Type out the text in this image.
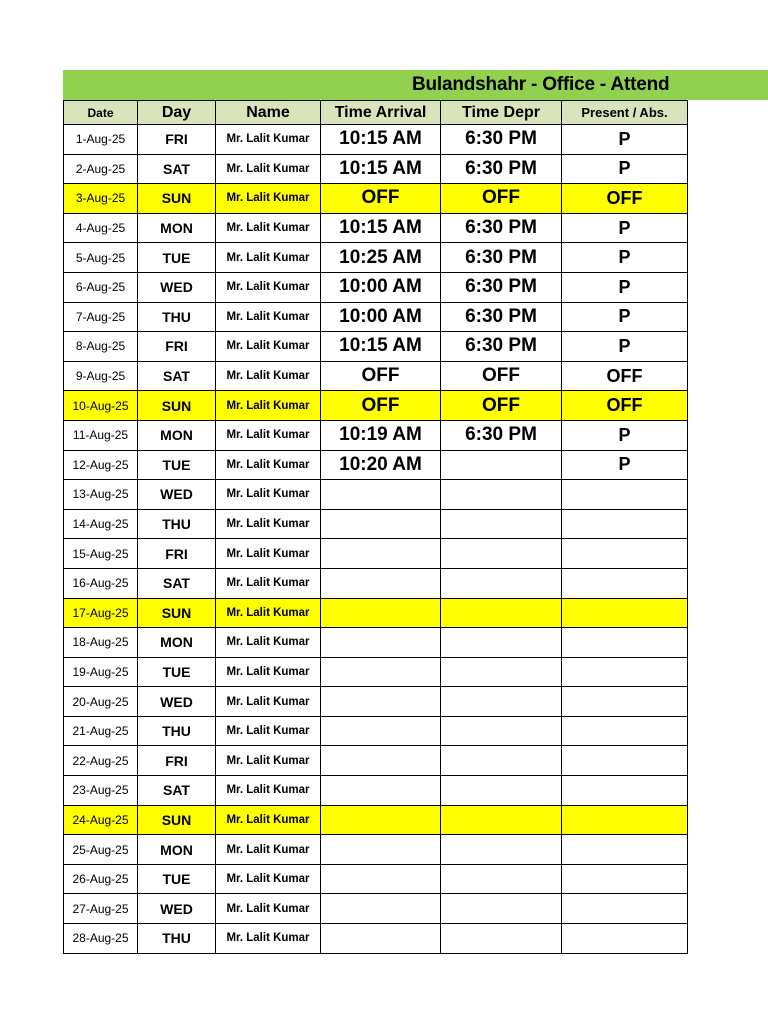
Bulandshahr - Office - Attend
Date	Day	Name	Time Arrival	Time Depr	Present / Abs.
1-Aug-25	FRI	Mr. Lalit Kumar	10:15 AM	6:30 PM	P
2-Aug-25	SAT	Mr. Lalit Kumar	10:15 AM	6:30 PM	P
3-Aug-25	SUN	Mr. Lalit Kumar	OFF	OFF	OFF
4-Aug-25	MON	Mr. Lalit Kumar	10:15 AM	6:30 PM	P
5-Aug-25	TUE	Mr. Lalit Kumar	10:25 AM	6:30 PM	P
6-Aug-25	WED	Mr. Lalit Kumar	10:00 AM	6:30 PM	P
7-Aug-25	THU	Mr. Lalit Kumar	10:00 AM	6:30 PM	P
8-Aug-25	FRI	Mr. Lalit Kumar	10:15 AM	6:30 PM	P
9-Aug-25	SAT	Mr. Lalit Kumar	OFF	OFF	OFF
10-Aug-25	SUN	Mr. Lalit Kumar	OFF	OFF	OFF
11-Aug-25	MON	Mr. Lalit Kumar	10:19 AM	6:30 PM	P
12-Aug-25	TUE	Mr. Lalit Kumar	10:20 AM		P
13-Aug-25	WED	Mr. Lalit Kumar			
14-Aug-25	THU	Mr. Lalit Kumar			
15-Aug-25	FRI	Mr. Lalit Kumar			
16-Aug-25	SAT	Mr. Lalit Kumar			
17-Aug-25	SUN	Mr. Lalit Kumar			
18-Aug-25	MON	Mr. Lalit Kumar			
19-Aug-25	TUE	Mr. Lalit Kumar			
20-Aug-25	WED	Mr. Lalit Kumar			
21-Aug-25	THU	Mr. Lalit Kumar			
22-Aug-25	FRI	Mr. Lalit Kumar			
23-Aug-25	SAT	Mr. Lalit Kumar			
24-Aug-25	SUN	Mr. Lalit Kumar			
25-Aug-25	MON	Mr. Lalit Kumar			
26-Aug-25	TUE	Mr. Lalit Kumar			
27-Aug-25	WED	Mr. Lalit Kumar			
28-Aug-25	THU	Mr. Lalit Kumar			
